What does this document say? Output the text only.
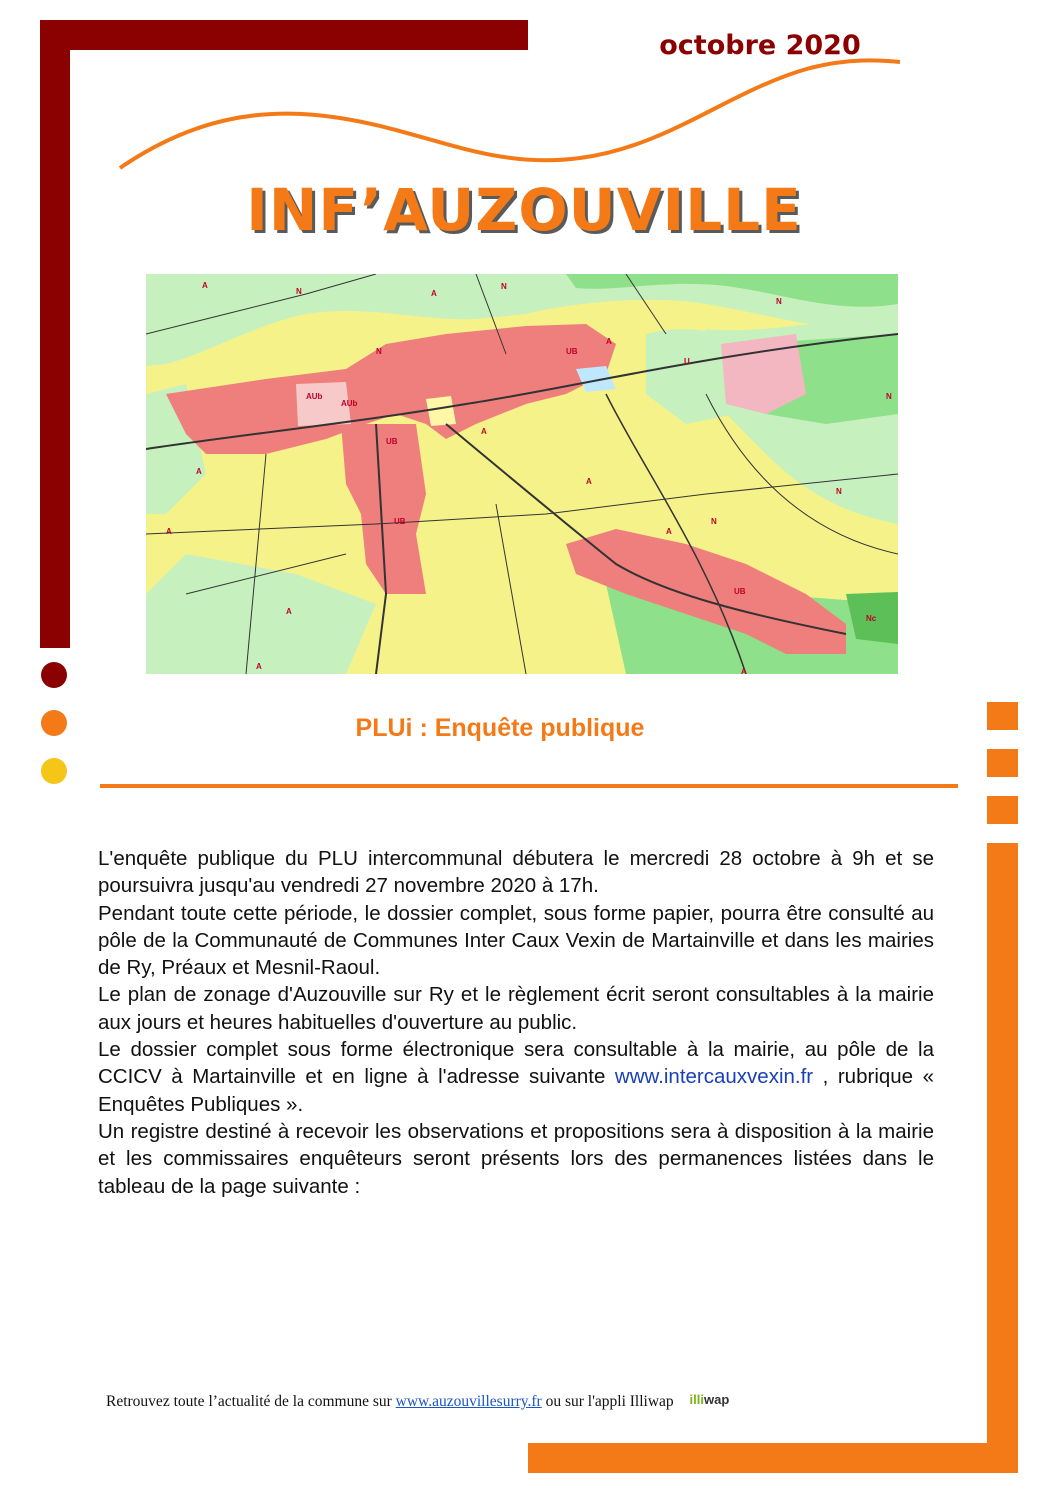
octobre 2020
INF’AUZOUVILLE
A
A
N
N
A
N
UB
U
N
A
A
A
AUb
AUb
UB
UB	N
N
UB
A
A
A
A
N
A
Nc
PLUi : Enquête publique

L'enquête publique du PLU intercommunal débutera le mercredi 28 octobre à 9h et se poursuivra jusqu'au vendredi 27 novembre 2020 à 17h.

Pendant toute cette période, le dossier complet, sous forme papier, pourra être consulté au pôle de la Communauté de Communes Inter Caux Vexin de Martainville et dans les mairies de Ry, Préaux et Mesnil-Raoul.

Le plan de zonage d'Auzouville sur Ry et le règlement écrit seront consultables à la mairie aux jours et heures habituelles d'ouverture au public.

Le dossier complet sous forme électronique sera consultable à la mairie, au pôle de la CCICV à Martainville et en ligne à l'adresse suivante www.intercauxvexin.fr , rubrique « Enquêtes Publiques ».

Un registre destiné à recevoir les observations et propositions sera à disposition à la mairie et les commissaires enquêteurs seront présents lors des permanences listées dans le tableau de la page suivante :

Retrouvez toute l’actualité de la commune sur www.auzouvillesurry.fr ou sur l'appli Illiwap illiwap
